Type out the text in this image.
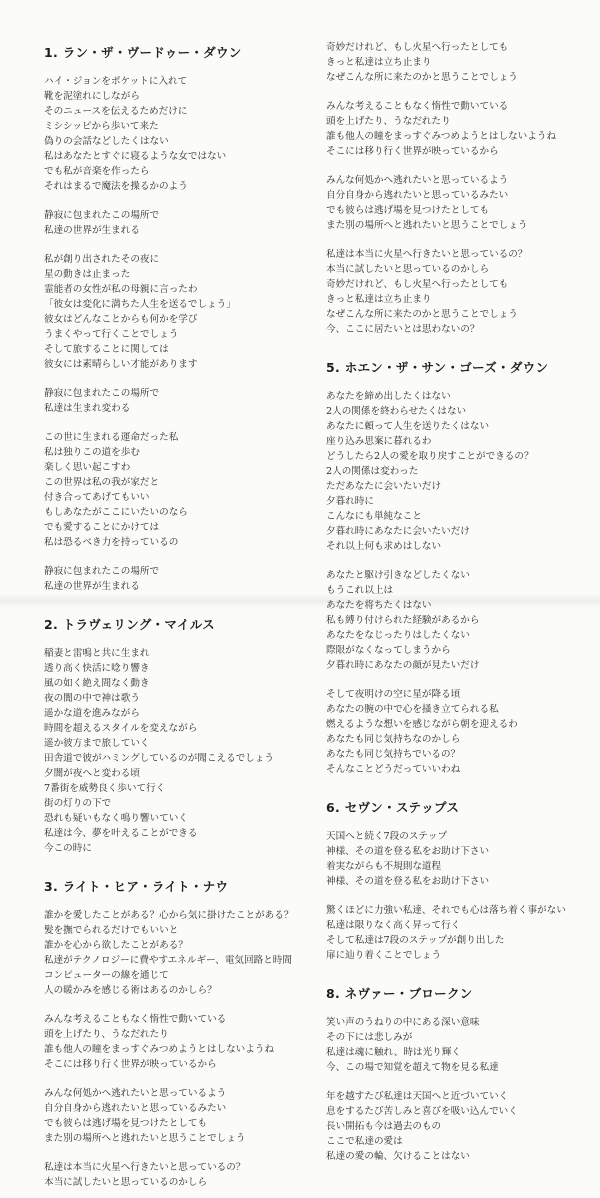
1. ラン・ザ・ヴードゥー・ダウン
ハイ・ジョンをポケットに入れて
靴を泥塗れにしながら
そのニュースを伝えるためだけに
ミシシッピから歩いて来た
偽りの会話などしたくはない
私はあなたとすぐに寝るような女ではない
でも私が音楽を作ったら
それはまるで魔法を操るかのよう
静寂に包まれたこの場所で
私達の世界が生まれる
私が創り出されたその夜に
星の動きは止まった
霊能者の女性が私の母親に言ったわ
「彼女は変化に満ちた人生を送るでしょう」
彼女はどんなことからも何かを学び
うまくやって行くことでしょう
そして旅することに関しては
彼女には素晴らしい才能があります
静寂に包まれたこの場所で
私達は生まれ変わる
この世に生まれる運命だった私
私は独りこの道を歩む
楽しく思い起こすわ
この世界は私の我が家だと
付き合ってあげてもいい
もしあなたがここにいたいのなら
でも愛することにかけては
私は恐るべき力を持っているの
静寂に包まれたこの場所で
私達の世界が生まれる
2. トラヴェリング・マイルス
稲妻と雷鳴と共に生まれ
透り高く快活に唸り響き
風の如く絶え間なく動き
夜の闇の中で神は歌う
遥かな道を進みながら
時間を超えるスタイルを変えながら
遥か彼方まで旅していく
田舎道で彼がハミングしているのが聞こえるでしょう
夕闇が夜へと変わる頃
7番街を威勢良く歩いて行く
街の灯りの下で
恐れも疑いもなく鳴り響いていく
私達は今、夢を叶えることができる
今この時に
3. ライト・ヒア・ライト・ナウ
誰かを愛したことがある？心から気に掛けたことがある？
髪を撫でられるだけでもいいと
誰かを心から欲したことがある？
私達がテクノロジーに費やすエネルギー、電気回路と時間
コンピューターの線を通じて
人の暖かみを感じる術はあるのかしら？
みんな考えることもなく惰性で動いている
頭を上げたり、うなだれたり
誰も他人の瞳をまっすぐみつめようとはしないようね
そこには移り行く世界が映っているから
みんな何処かへ逃れたいと思っているよう
自分自身から逃れたいと思っているみたい
でも彼らは逃げ場を見つけたとしても
また別の場所へと逃れたいと思うことでしょう
私達は本当に火星へ行きたいと思っているの？
本当に試したいと思っているのかしら
奇妙だけれど、もし火星へ行ったとしても
きっと私達は立ち止まり
なぜこんな所に来たのかと思うことでしょう
みんな考えることもなく惰性で動いている
頭を上げたり、うなだれたり
誰も他人の瞳をまっすぐみつめようとはしないようね
そこには移り行く世界が映っているから
みんな何処かへ逃れたいと思っているよう
自分自身から逃れたいと思っているみたい
でも彼らは逃げ場を見つけたとしても
また別の場所へと逃れたいと思うことでしょう
私達は本当に火星へ行きたいと思っているの？
本当に試したいと思っているのかしら
奇妙だけれど、もし火星へ行ったとしても
きっと私達は立ち止まり
なぜこんな所に来たのかと思うことでしょう
今、ここに居たいとは思わないの？
5. ホエン・ザ・サン・ゴーズ・ダウン
あなたを締め出したくはない
2人の関係を終わらせたくはない
あなたに頼って人生を送りたくはない
座り込み思案に暮れるわ
どうしたら2人の愛を取り戻すことができるの？
2人の関係は変わった
ただあなたに会いたいだけ
夕暮れ時に
こんなにも単純なこと
夕暮れ時にあなたに会いたいだけ
それ以上何も求めはしない
あなたと駆け引きなどしたくない
もうこれ以上は
あなたを将ちたくはない
私も縛り付けられた経験があるから
あなたをなじったりはしたくない
際限がなくなってしまうから
夕暮れ時にあなたの顔が見たいだけ
そして夜明けの空に星が降る頃
あなたの腕の中で心を掻き立てられる私
燃えるような想いを感じながら朝を迎えるわ
あなたも同じ気持ちなのかしら
あなたも同じ気持ちでいるの？
そんなことどうだっていいわね
6. セヴン・ステップス
天国へと続く7段のステップ
神様、その道を登る私をお助け下さい
着実ながらも不規則な道程
神様、その道を登る私をお助け下さい
驚くほどに力強い私達、それでも心は落ち着く事がない
私達は限りなく高く昇って行く
そして私達は7段のステップが創り出した
扉に辿り着くことでしょう
8. ネヴァー・ブロークン
笑い声のうねりの中にある深い意味
その下には悲しみが
私達は魂に触れ、時は光り輝く
今、この場で知覚を超えて物を見る私達
年を越すたび私達は天国へと近づいていく
息をするたび苦しみと喜びを吸い込んでいく
長い開拓も今は過去のもの
ここで私達の愛は
私達の愛の輪、欠けることはない
